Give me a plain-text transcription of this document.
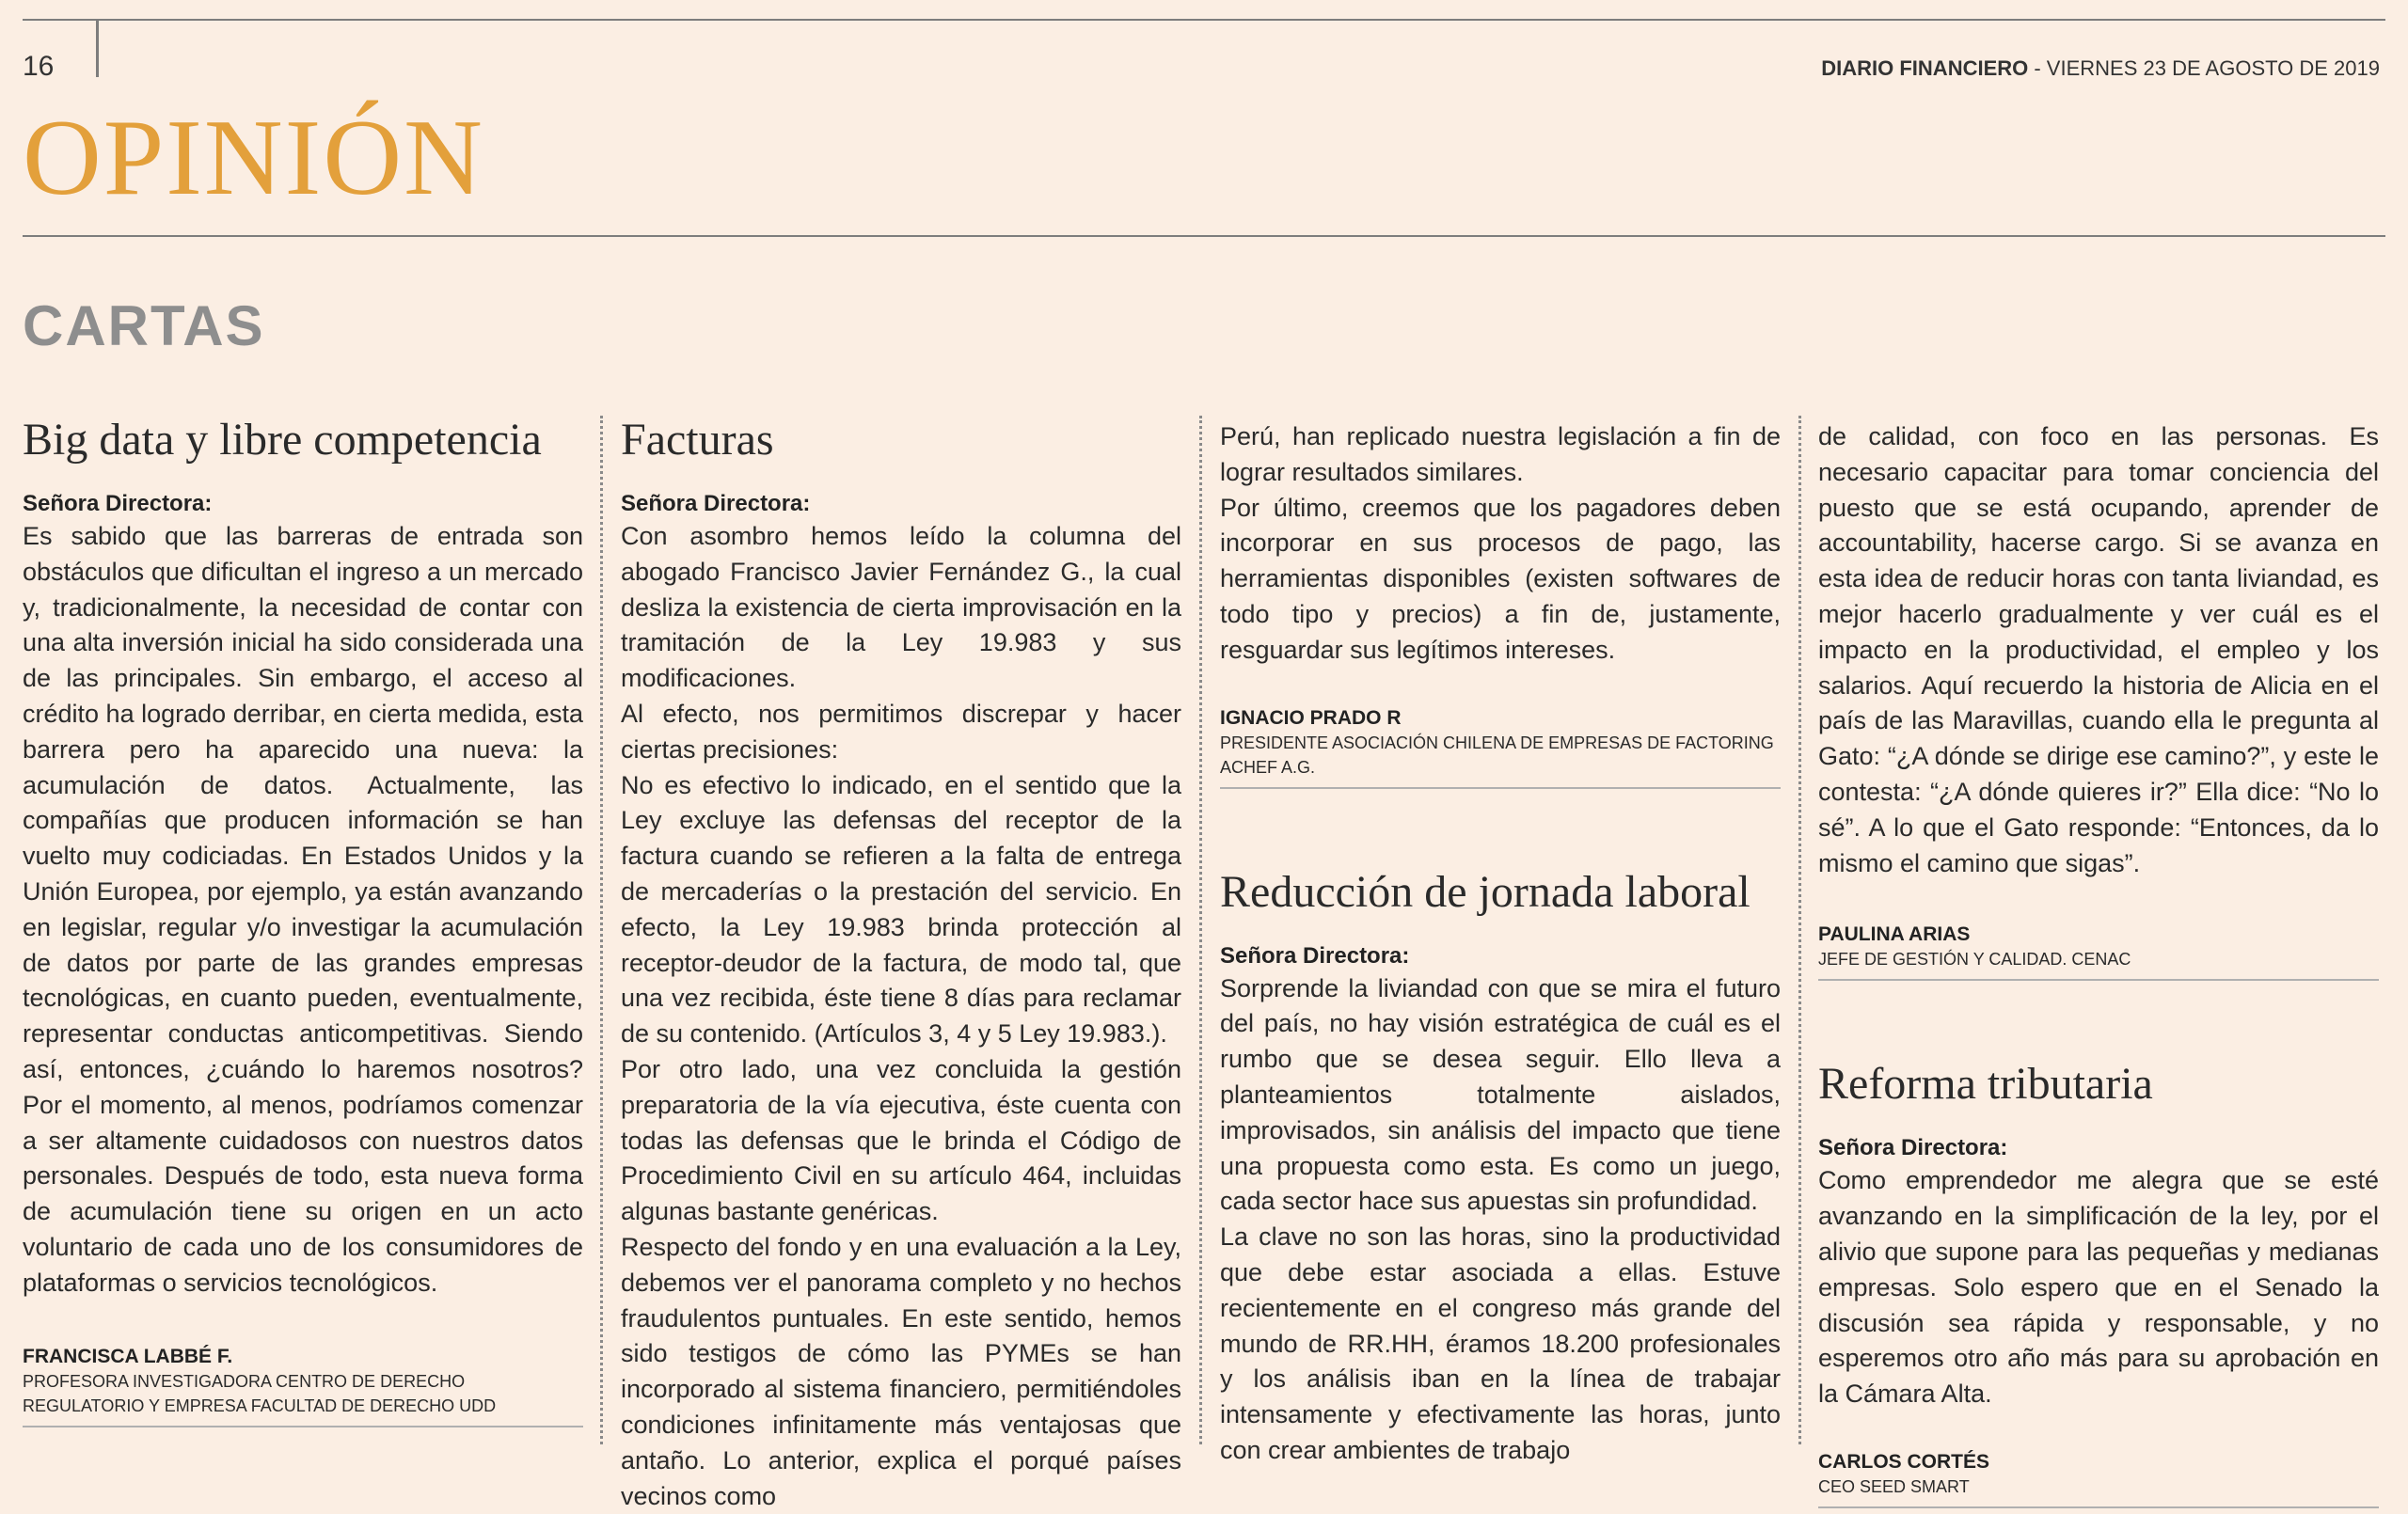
16	DIARIO FINANCIERO - VIERNES 23 DE AGOSTO DE 2019
OPINIÓN
CARTAS
Big data y libre competencia
Señora Directora:

Es sabido que las barreras de entrada son obstáculos que dificultan el ingreso a un mercado y, tradicionalmente, la necesidad de contar con una alta inversión inicial ha sido considerada una de las principales. Sin embargo, el acceso al crédito ha logrado derribar, en cierta medida, esta barrera pero ha aparecido una nueva: la acumulación de datos. Actualmente, las compañías que producen información se han vuelto muy codiciadas. En Estados Unidos y la Unión Europea, por ejemplo, ya están avanzando en legislar, regular y/o investigar la acumulación de datos por parte de las grandes empresas tecnológicas, en cuanto pueden, eventualmente, representar conductas anticompetitivas. Siendo así, entonces, ¿cuándo lo haremos nosotros? Por el momento, al menos, podríamos comenzar a ser altamente cuidadosos con nuestros datos personales. Después de todo, esta nueva forma de acumulación tiene su origen en un acto voluntario de cada uno de los consumidores de plataformas o servicios tecnológicos.

FRANCISCA LABBÉ F.
PROFESORA INVESTIGADORA CENTRO DE DERECHO REGULATORIO Y EMPRESA FACULTAD DE DERECHO UDD
Facturas
Señora Directora:

Con asombro hemos leído la columna del abogado Francisco Javier Fernández G., la cual desliza la existencia de cierta improvisación en la tramitación de la Ley 19.983 y sus modificaciones.

Al efecto, nos permitimos discrepar y hacer ciertas precisiones:

No es efectivo lo indicado, en el sentido que la Ley excluye las defensas del receptor de la factura cuando se refieren a la falta de entrega de mercaderías o la prestación del servicio. En efecto, la Ley 19.983 brinda protección al receptor-deudor de la factura, de modo tal, que una vez recibida, éste tiene 8 días para reclamar de su contenido. (Artículos 3, 4 y 5 Ley 19.983.).

Por otro lado, una vez concluida la gestión preparatoria de la vía ejecutiva, éste cuenta con todas las defensas que le brinda el Código de Procedimiento Civil en su artículo 464, incluidas algunas bastante genéricas.

Respecto del fondo y en una evaluación a la Ley, debemos ver el panorama completo y no hechos fraudulentos puntuales. En este sentido, hemos sido testigos de cómo las PYMEs se han incorporado al sistema financiero, permitiéndoles condiciones infinitamente más ventajosas que antaño. Lo anterior, explica el porqué países vecinos como

Perú, han replicado nuestra legislación a fin de lograr resultados similares.

Por último, creemos que los pagadores deben incorporar en sus procesos de pago, las herramientas disponibles (existen softwares de todo tipo y precios) a fin de, justamente, resguardar sus legítimos intereses.

IGNACIO PRADO R
PRESIDENTE ASOCIACIÓN CHILENA DE EMPRESAS DE FACTORING ACHEF A.G.
Reducción de jornada laboral
Señora Directora:

Sorprende la liviandad con que se mira el futuro del país, no hay visión estratégica de cuál es el rumbo que se desea seguir. Ello lleva a planteamientos totalmente aislados, improvisados, sin análisis del impacto que tiene una propuesta como esta. Es como un juego, cada sector hace sus apuestas sin profundidad.

La clave no son las horas, sino la productividad que debe estar asociada a ellas. Estuve recientemente en el congreso más grande del mundo de RR.HH, éramos 18.200 profesionales y los análisis iban en la línea de trabajar intensamente y efectivamente las horas, junto con crear ambientes de trabajo

de calidad, con foco en las personas. Es necesario capacitar para tomar conciencia del puesto que se está ocupando, aprender de accountability, hacerse cargo. Si se avanza en esta idea de reducir horas con tanta liviandad, es mejor hacerlo gradualmente y ver cuál es el impacto en la productividad, el empleo y los salarios. Aquí recuerdo la historia de Alicia en el país de las Maravillas, cuando ella le pregunta al Gato: “¿A dónde se dirige ese camino?”, y este le contesta: “¿A dónde quieres ir?” Ella dice: “No lo sé”. A lo que el Gato responde: “Entonces, da lo mismo el camino que sigas”.

PAULINA ARIAS
JEFE DE GESTIÓN Y CALIDAD. CENAC
Reforma tributaria
Señora Directora:

Como emprendedor me alegra que se esté avanzando en la simplificación de la ley, por el alivio que supone para las pequeñas y medianas empresas. Solo espero que en el Senado la discusión sea rápida y responsable, y no esperemos otro año más para su aprobación en la Cámara Alta.

CARLOS CORTÉS
CEO SEED SMART
